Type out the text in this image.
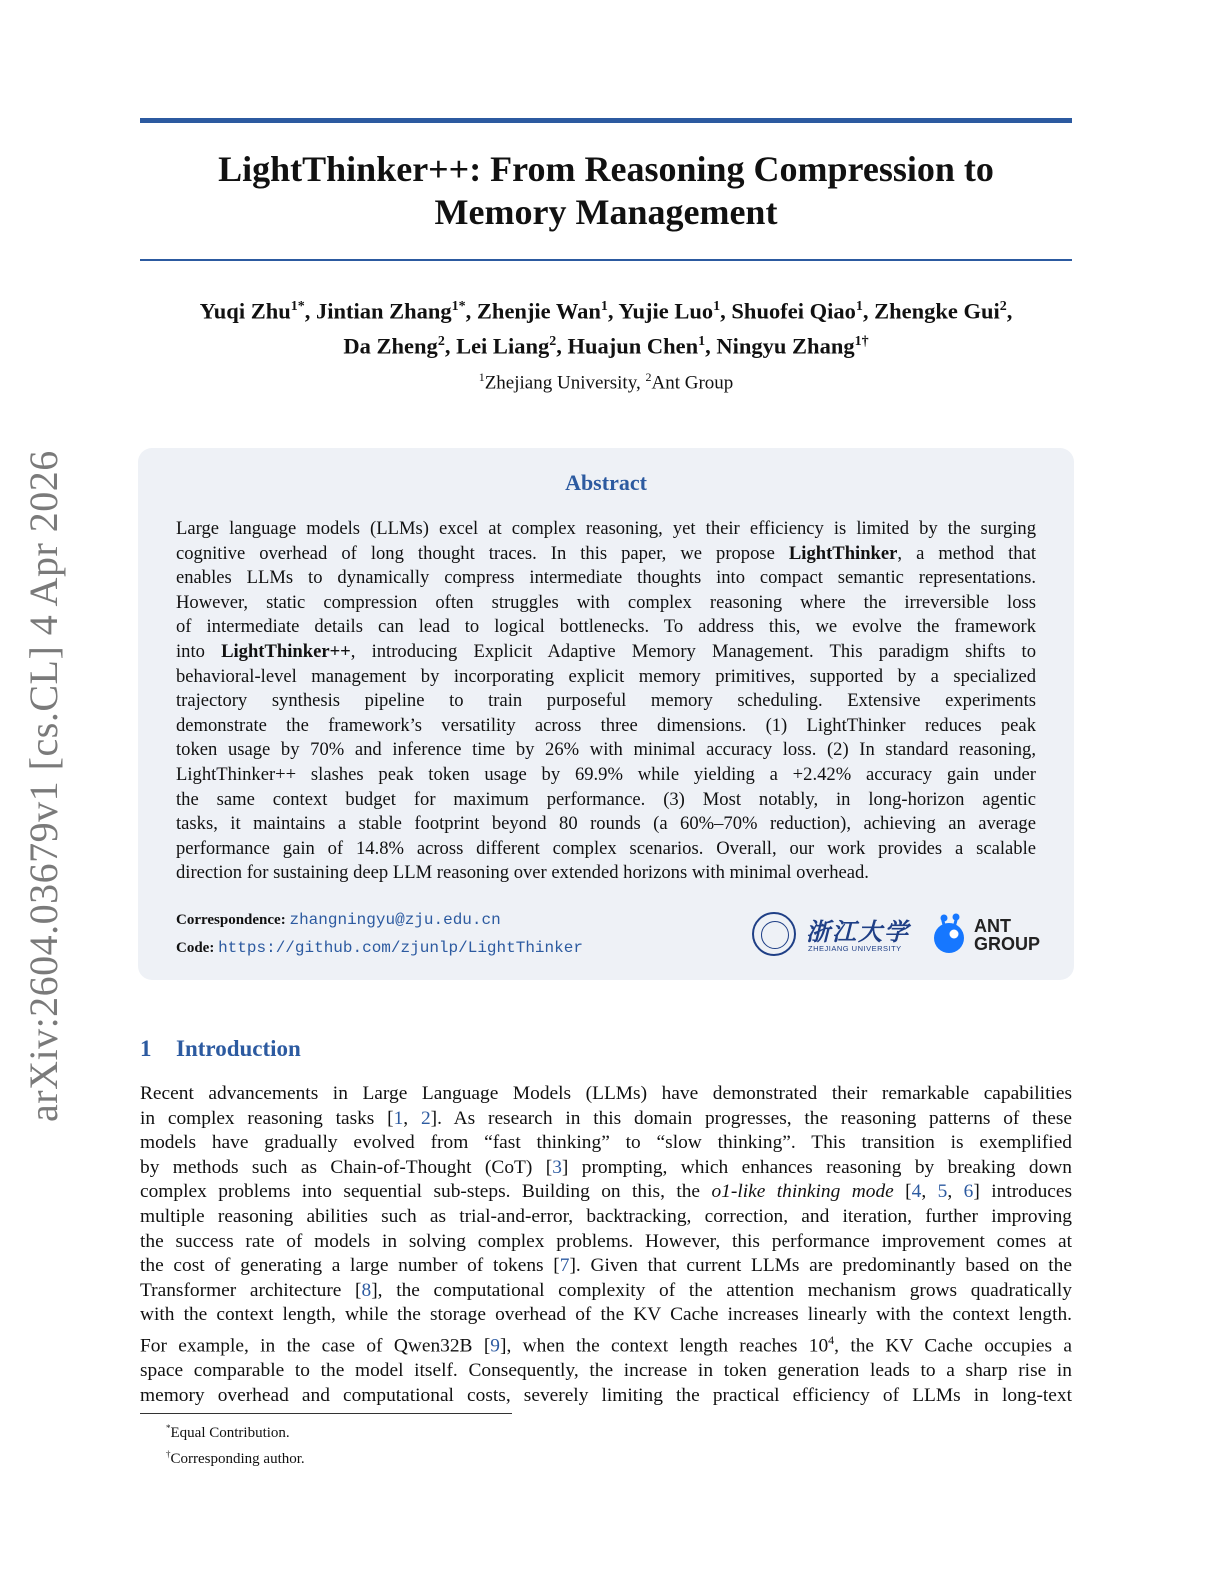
arXiv:2604.03679v1 [cs.CL] 4 Apr 2026
LightThinker++: From Reasoning Compression to
Memory Management
Yuqi Zhu$^{1*}$, Jintian Zhang$^{1*}$, Zhenjie Wan$^1$, Yujie Luo$^1$, Shuofei Qiao$^1$, Zhengke Gui$^2$,
Da Zheng$^2$, Lei Liang$^2$, Huajun Chen$^1$, Ningyu Zhang$^{1\dagger}$
$^1$Zhejiang University, $^2$Ant Group
Abstract
Large language models (LLMs) excel at complex reasoning, yet their efficiency is limited by the surging
cognitive overhead of long thought traces. In this paper, we propose LightThinker, a method that
enables LLMs to dynamically compress intermediate thoughts into compact semantic representations.
However, static compression often struggles with complex reasoning where the irreversible loss
of intermediate details can lead to logical bottlenecks. To address this, we evolve the framework
into LightThinker++, introducing Explicit Adaptive Memory Management. This paradigm shifts to
behavioral-level management by incorporating explicit memory primitives, supported by a specialized
trajectory synthesis pipeline to train purposeful memory scheduling. Extensive experiments
demonstrate the framework’s versatility across three dimensions. (1) LightThinker reduces peak
token usage by 70% and inference time by 26% with minimal accuracy loss. (2) In standard reasoning,
LightThinker++ slashes peak token usage by 69.9% while yielding a +2.42% accuracy gain under
the same context budget for maximum performance. (3) Most notably, in long-horizon agentic
tasks, it maintains a stable footprint beyond 80 rounds (a 60%–70% reduction), achieving an average
performance gain of 14.8% across different complex scenarios. Overall, our work provides a scalable
direction for sustaining deep LLM reasoning over extended horizons with minimal overhead.
Correspondence: zhangningyu@zju.edu.cn
Code: https://github.com/zjunlp/LightThinker
浙江大学
ZHEJIANG UNIVERSITY
ANT
GROUP
1 Introduction
Recent advancements in Large Language Models (LLMs) have demonstrated their remarkable capabilities
in complex reasoning tasks [1, 2]. As research in this domain progresses, the reasoning patterns of these
models have gradually evolved from “fast thinking” to “slow thinking”. This transition is exemplified
by methods such as Chain-of-Thought (CoT) [3] prompting, which enhances reasoning by breaking down
complex problems into sequential sub-steps. Building on this, the o1-like thinking mode [4, 5, 6] introduces
multiple reasoning abilities such as trial-and-error, backtracking, correction, and iteration, further improving
the success rate of models in solving complex problems. However, this performance improvement comes at
the cost of generating a large number of tokens [7]. Given that current LLMs are predominantly based on the
Transformer architecture [8], the computational complexity of the attention mechanism grows quadratically
with the context length, while the storage overhead of the KV Cache increases linearly with the context length.
For example, in the case of Qwen32B [9], when the context length reaches $10^4$, the KV Cache occupies a
space comparable to the model itself. Consequently, the increase in token generation leads to a sharp rise in
memory overhead and computational costs, severely limiting the practical efficiency of LLMs in long-text
*Equal Contribution.
†Corresponding author.
